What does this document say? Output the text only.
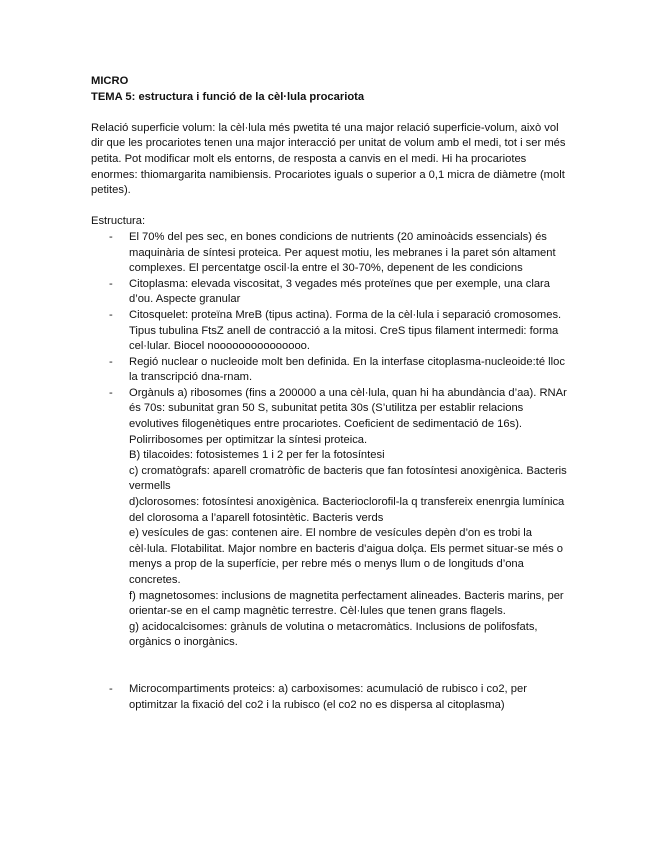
MICRO

TEMA 5: estructura i funció de la cèl·lula procariota

Relació superficie volum: la cèl·lula més pwetita té una major relació superficie-volum, això vol dir que les procariotes tenen una major interacció per unitat de volum amb el medi, tot i ser més petita. Pot modificar molt els entorns, de resposta a canvis en el medi. Hi ha procariotes enormes: thiomargarita namibiensis. Procariotes iguals o superior a 0,1 micra de diàmetre (molt petites).

Estructura:

- El 70% del pes sec, en bones condicions de nutrients (20 aminoàcids essencials) és maquinària de síntesi proteica. Per aquest motiu, les mebranes i la paret són altament complexes. El percentatge oscil·la entre el 30-70%, depenent de les condicions
- Citoplasma: elevada viscositat, 3 vegades més proteïnes que per exemple, una clara d’ou. Aspecte granular
- Citosquelet: proteïna MreB (tipus actina). Forma de la cèl·lula i separació cromosomes. Tipus tubulina FtsZ anell de contracció a la mitosi. CreS tipus filament intermedi: forma cel·lular. Biocel nooooooooooooooo.
- Regió nuclear o nucleoide molt ben definida. En la interfase citoplasma-nucleoide:té lloc la transcripció dna-rnam.
- Orgànuls a) ribosomes (fins a 200000 a una cèl·lula, quan hi ha abundància d’aa). RNAr és 70s: subunitat gran 50 S, subunitat petita 30s (S’utilitza per establir relacions evolutives filogenètiques entre procariotes. Coeficient de sedimentació de 16s). Polirribosomes per optimitzar la síntesi proteica.
B) tilacoides: fotosistemes 1 i 2 per fer la fotosíntesi
c) cromatògrafs: aparell cromatròfic de bacteris que fan fotosíntesi anoxigènica. Bacteris vermells
d)clorosomes: fotosíntesi anoxigènica. Bacterioclorofil-la q transfereix enenrgia lumínica del clorosoma a l’aparell fotosintètic. Bacteris verds
e) vesícules de gas: contenen aire. El nombre de vesícules depèn d’on es trobi la cèl·lula. Flotabilitat. Major nombre en bacteris d’aigua dolça. Els permet situar-se més o menys a prop de la superfície, per rebre més o menys llum o de longituds d’ona concretes.
f) magnetosomes: inclusions de magnetita perfectament alineades. Bacteris marins, per orientar-se en el camp magnètic terrestre. Cèl·lules que tenen grans flagels.
g) acidocalcisomes: grànuls de volutina o metacromàtics. Inclusions de polifosfats, orgànics o inorgànics.
- Microcompartiments proteics: a) carboxisomes: acumulació de rubisco i co2, per optimitzar la fixació del co2 i la rubisco (el co2 no es dispersa al citoplasma)
